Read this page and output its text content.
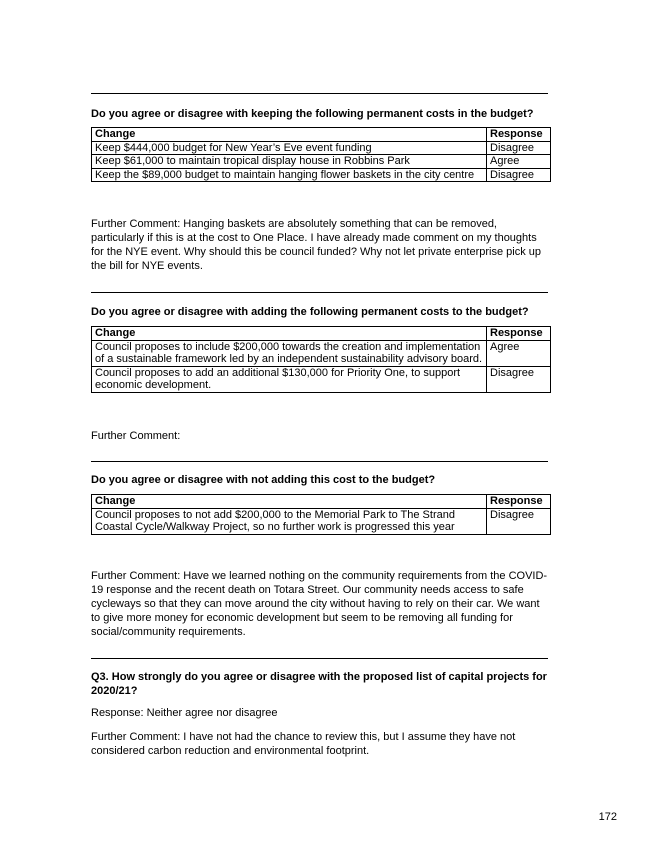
Do you agree or disagree with keeping the following permanent costs in the budget?
Change	Response
Keep $444,000 budget for New Year’s Eve event funding	Disagree
Keep $61,000 to maintain tropical display house in Robbins Park	Agree
Keep the $89,000 budget to maintain hanging flower baskets in the city centre	Disagree
Further Comment: Hanging baskets are absolutely something that can be removed, particularly if this is at the cost to One Place. I have already made comment on my thoughts for the NYE event. Why should this be council funded? Why not let private enterprise pick up the bill for NYE events.
Do you agree or disagree with adding the following permanent costs to the budget?
Change	Response
Council proposes to include $200,000 towards the creation and implementation of a sustainable framework led by an independent sustainability advisory board.	Agree
Council proposes to add an additional $130,000 for Priority One, to support economic development.	Disagree
Further Comment:
Do you agree or disagree with not adding this cost to the budget?
Change	Response
Council proposes to not add $200,000 to the Memorial Park to The Strand Coastal Cycle/Walkway Project, so no further work is progressed this year	Disagree
Further Comment: Have we learned nothing on the community requirements from the COVID-19 response and the recent death on Totara Street. Our community needs access to safe cycleways so that they can move around the city without having to rely on their car. We want to give more money for economic development but seem to be removing all funding for social/community requirements.
Q3. How strongly do you agree or disagree with the proposed list of capital projects for 2020/21?
Response: Neither agree nor disagree
Further Comment: I have not had the chance to review this, but I assume they have not considered carbon reduction and environmental footprint.
172
